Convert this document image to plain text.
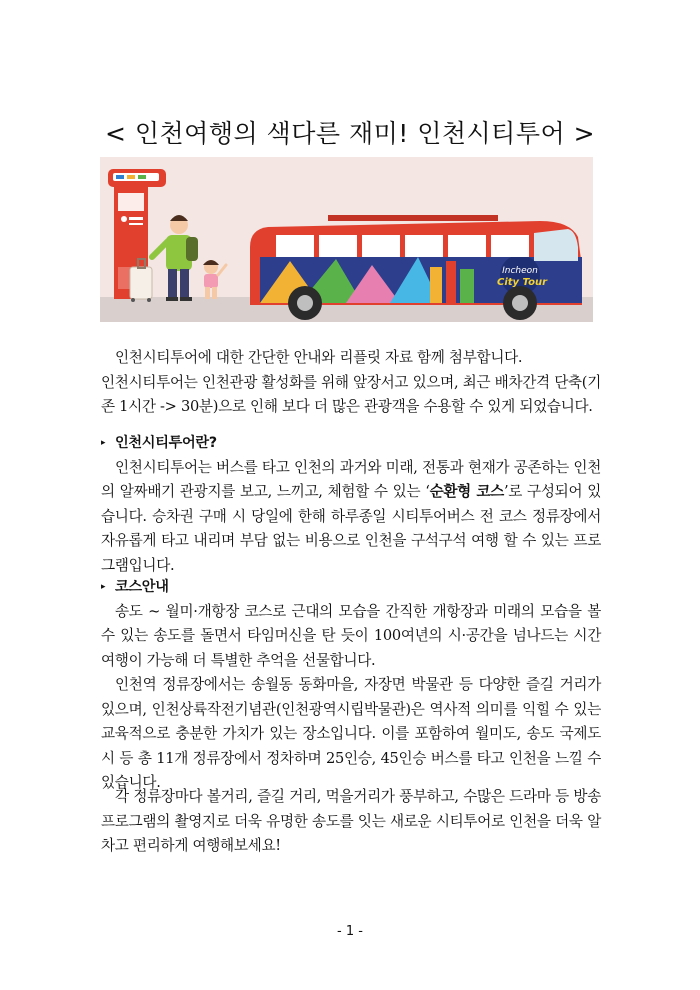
< 인천여행의 색다른 재미! 인천시티투어 >
Incheon
City Tour

인천시티투어에 대한 간단한 안내와 리플릿 자료 함께 첨부합니다.

인천시티투어는 인천관광 활성화를 위해 앞장서고 있으며, 최근 배차간격 단축(기존 1시간 -> 30분)으로 인해 보다 더 많은 관광객을 수용할 수 있게 되었습니다.

▸ 인천시티투어란?

인천시티투어는 버스를 타고 인천의 과거와 미래, 전통과 현재가 공존하는 인천의 알짜배기 관광지를 보고, 느끼고, 체험할 수 있는 ‘순환형 코스’로 구성되어 있습니다. 승차권 구매 시 당일에 한해 하루종일 시티투어버스 전 코스 정류장에서 자유롭게 타고 내리며 부담 없는 비용으로 인천을 구석구석 여행 할 수 있는 프로그램입니다.

▸ 코스안내

송도 ~ 월미·개항장 코스로 근대의 모습을 간직한 개항장과 미래의 모습을 볼 수 있는 송도를 돌면서 타임머신을 탄 듯이 100여년의 시·공간을 넘나드는 시간여행이 가능해 더 특별한 추억을 선물합니다.

인천역 정류장에서는 송월동 동화마을, 자장면 박물관 등 다양한 즐길 거리가 있으며, 인천상륙작전기념관(인천광역시립박물관)은 역사적 의미를 익힐 수 있는 교육적으로 충분한 가치가 있는 장소입니다. 이를 포함하여 월미도, 송도 국제도시 등 총 11개 정류장에서 정차하며 25인승, 45인승 버스를 타고 인천을 느낄 수 있습니다.

각 정류장마다 볼거리, 즐길 거리, 먹을거리가 풍부하고, 수많은 드라마 등 방송 프로그램의 촬영지로 더욱 유명한 송도를 잇는 새로운 시티투어로 인천을 더욱 알차고 편리하게 여행해보세요!

- 1 -
